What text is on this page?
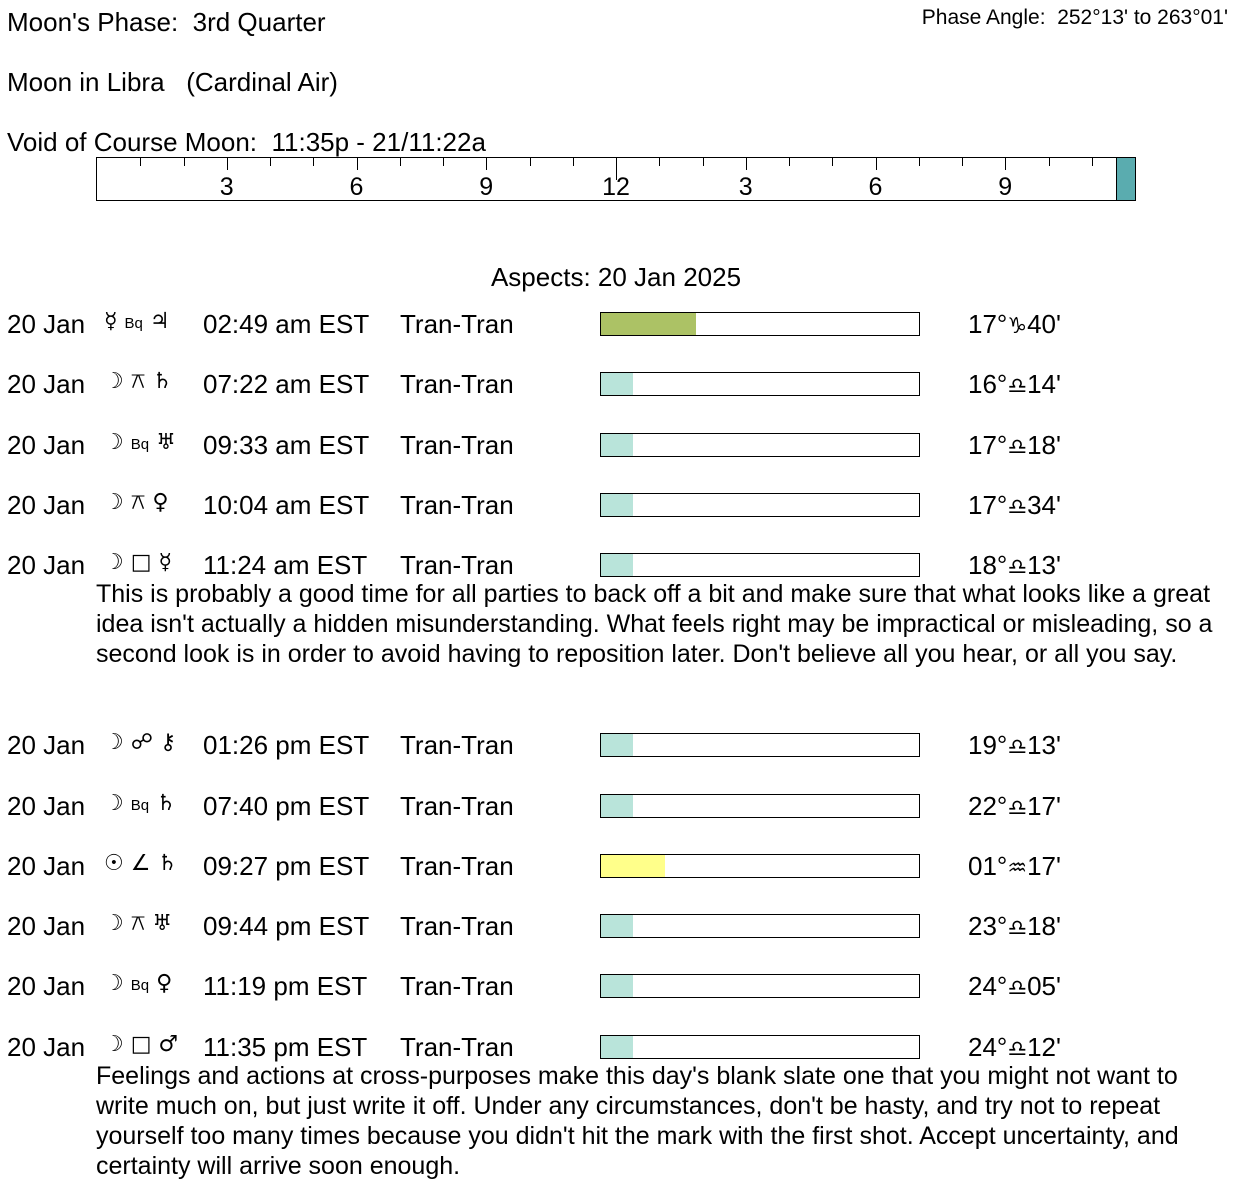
Moon's Phase:  3rd Quarter	Phase Angle:  252°13' to 263°01'
Moon in Libra   (Cardinal Air)
Void of Course Moon:  11:35p - 21/11:22a
3	6	9	12	3	6	9
Aspects: 20 Jan 2025
20 Jan ☿ Bq ♃	02:49 am EST Tran-Tran	17°♑40'
20 Jan ☽ ⚻ ♄	07:22 am EST Tran-Tran	16°♎14'
20 Jan ☽ Bq ♅	09:33 am EST Tran-Tran	17°♎18'
20 Jan ☽ ⚻ ♀	10:04 am EST Tran-Tran	17°♎34'
20 Jan ☽ □ ☿	11:24 am EST Tran-Tran	18°♎13'
This is probably a good time for all parties to back off a bit and make sure that what looks like a great idea isn't actually a hidden misunderstanding. What feels right may be impractical or misleading, so a second look is in order to avoid having to reposition later. Don't believe all you hear, or all you say.
20 Jan ☽ ☍ ⚷	01:26 pm EST Tran-Tran	19°♎13'
20 Jan ☽ Bq ♄	07:40 pm EST Tran-Tran	22°♎17'
20 Jan ☉ ∠ ♄ 09:27 pm EST Tran-Tran	01°♒17'
20 Jan ☽ ⚻ ♅	09:44 pm EST Tran-Tran	23°♎18'
20 Jan ☽ Bq ♀	11:19 pm EST Tran-Tran	24°♎05'
20 Jan ☽ □ ♂ 11:35 pm EST Tran-Tran	24°♎12'
Feelings and actions at cross-purposes make this day's blank slate one that you might not want to write much on, but just write it off. Under any circumstances, don't be hasty, and try not to repeat yourself too many times because you didn't hit the mark with the first shot. Accept uncertainty, and certainty will arrive soon enough.
